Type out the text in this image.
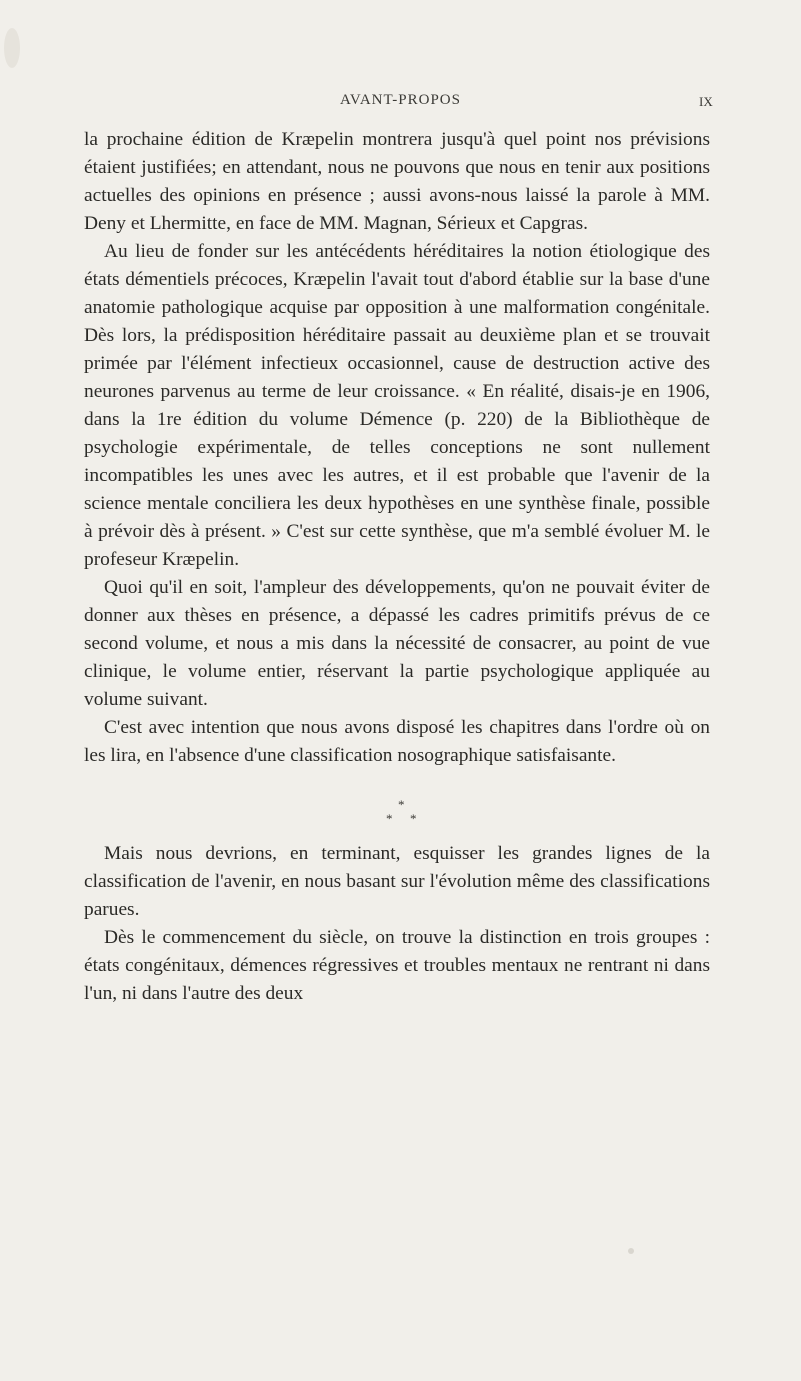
AVANT-PROPOS	IX

la prochaine édition de Kræpelin montrera jusqu'à quel point nos prévisions étaient justifiées; en attendant, nous ne pouvons que nous en tenir aux positions actuelles des opinions en présence ; aussi avons-nous laissé la parole à MM. Deny et Lhermitte, en face de MM. Magnan, Sérieux et Capgras.

Au lieu de fonder sur les antécédents héréditaires la notion étiologique des états démentiels précoces, Kræpelin l'avait tout d'abord établie sur la base d'une anatomie pathologique acquise par opposition à une malformation congénitale. Dès lors, la prédisposition héréditaire passait au deuxième plan et se trouvait primée par l'élément infectieux occasionnel, cause de destruction active des neurones parvenus au terme de leur croissance. « En réalité, disais-je en 1906, dans la 1re édition du volume Démence (p. 220) de la Bibliothèque de psychologie expérimentale, de telles conceptions ne sont nullement incompatibles les unes avec les autres, et il est probable que l'avenir de la science mentale conciliera les deux hypothèses en une synthèse finale, possible à prévoir dès à présent. » C'est sur cette synthèse, que m'a semblé évoluer M. le profeseur Kræpelin.

Quoi qu'il en soit, l'ampleur des développements, qu'on ne pouvait éviter de donner aux thèses en présence, a dépassé les cadres primitifs prévus de ce second volume, et nous a mis dans la nécessité de consacrer, au point de vue clinique, le volume entier, réservant la partie psychologique appliquée au volume suivant.

C'est avec intention que nous avons disposé les chapitres dans l'ordre où on les lira, en l'absence d'une classification nosographique satisfaisante.

*
* *

Mais nous devrions, en terminant, esquisser les grandes lignes de la classification de l'avenir, en nous basant sur l'évolution même des classifications parues.

Dès le commencement du siècle, on trouve la distinction en trois groupes : états congénitaux, démences régressives et troubles mentaux ne rentrant ni dans l'un, ni dans l'autre des deux
